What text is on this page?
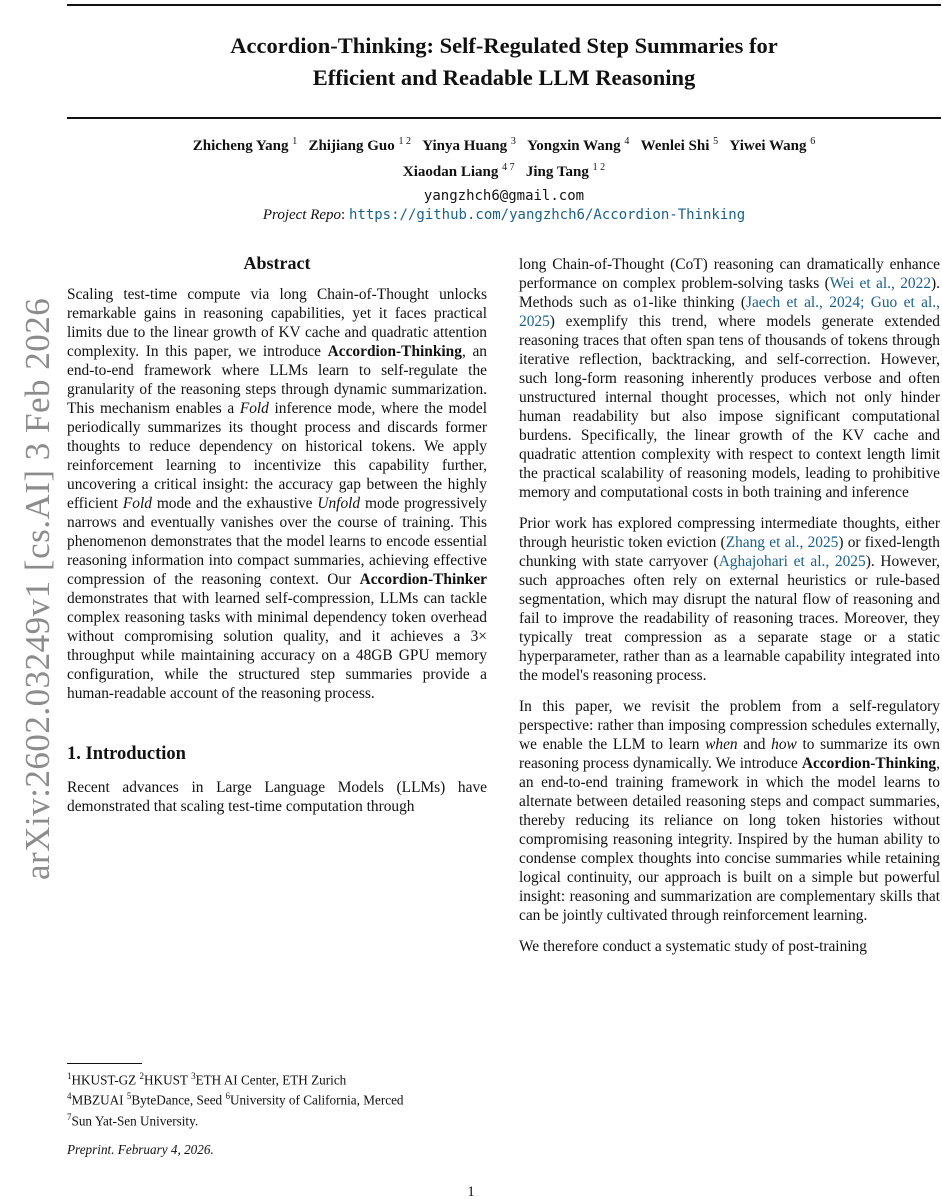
Accordion-Thinking: Self-Regulated Step Summaries for
Efficient and Readable LLM Reasoning
Zhicheng Yang $^1$ Zhijiang Guo $^{1 2}$ Yinya Huang $^3$ Yongxin Wang $^4$ Wenlei Shi $^5$ Yiwei Wang $^6$
Xiaodan Liang $^{4 7}$ Jing Tang $^{1 2}$
yangzhch6@gmail.com
Project Repo: https://github.com/yangzhch6/Accordion-Thinking
arXiv:2602.03249v1 [cs.AI] 3 Feb 2026
Abstract

Scaling test-time compute via long Chain-of-Thought unlocks remarkable gains in reasoning capabilities, yet it faces practical limits due to the linear growth of KV cache and quadratic attention complexity. In this paper, we introduce Accordion-Thinking, an end-to-end framework where LLMs learn to self-regulate the granularity of the reasoning steps through dynamic summarization. This mechanism enables a Fold inference mode, where the model periodically summarizes its thought process and discards former thoughts to reduce dependency on historical tokens. We apply reinforcement learning to incentivize this capability further, uncovering a critical insight: the accuracy gap between the highly efficient Fold mode and the exhaustive Unfold mode progressively narrows and eventually vanishes over the course of training. This phenomenon demonstrates that the model learns to encode essential reasoning information into compact summaries, achieving effective compression of the reasoning context. Our Accordion-Thinker demonstrates that with learned self-compression, LLMs can tackle complex reasoning tasks with minimal dependency token overhead without compromising solution quality, and it achieves a 3× throughput while maintaining accuracy on a 48GB GPU memory configuration, while the structured step summaries provide a human-readable account of the reasoning process.

1. Introduction

Recent advances in Large Language Models (LLMs) have demonstrated that scaling test-time computation through

long Chain-of-Thought (CoT) reasoning can dramatically enhance performance on complex problem-solving tasks (Wei et al., 2022). Methods such as o1-like thinking (Jaech et al., 2024; Guo et al., 2025) exemplify this trend, where models generate extended reasoning traces that often span tens of thousands of tokens through iterative reflection, backtracking, and self-correction. However, such long-form reasoning inherently produces verbose and often unstructured internal thought processes, which not only hinder human readability but also impose significant computational burdens. Specifically, the linear growth of the KV cache and quadratic attention complexity with respect to context length limit the practical scalability of reasoning models, leading to prohibitive memory and computational costs in both training and inference

Prior work has explored compressing intermediate thoughts, either through heuristic token eviction (Zhang et al., 2025) or fixed-length chunking with state carryover (Aghajohari et al., 2025). However, such approaches often rely on external heuristics or rule-based segmentation, which may disrupt the natural flow of reasoning and fail to improve the readability of reasoning traces. Moreover, they typically treat compression as a separate stage or a static hyperparameter, rather than as a learnable capability integrated into the model's reasoning process.

In this paper, we revisit the problem from a self-regulatory perspective: rather than imposing compression schedules externally, we enable the LLM to learn when and how to summarize its own reasoning process dynamically. We introduce Accordion-Thinking, an end-to-end training framework in which the model learns to alternate between detailed reasoning steps and compact summaries, thereby reducing its reliance on long token histories without compromising reasoning integrity. Inspired by the human ability to condense complex thoughts into concise summaries while retaining logical continuity, our approach is built on a simple but powerful insight: reasoning and summarization are complementary skills that can be jointly cultivated through reinforcement learning.

We therefore conduct a systematic study of post-training

$^1$HKUST-GZ $^2$HKUST $^3$ETH AI Center, ETH Zurich
$^4$MBZUAI $^5$ByteDance, Seed $^6$University of California, Merced
$^7$Sun Yat-Sen University.
Preprint. February 4, 2026.
1
